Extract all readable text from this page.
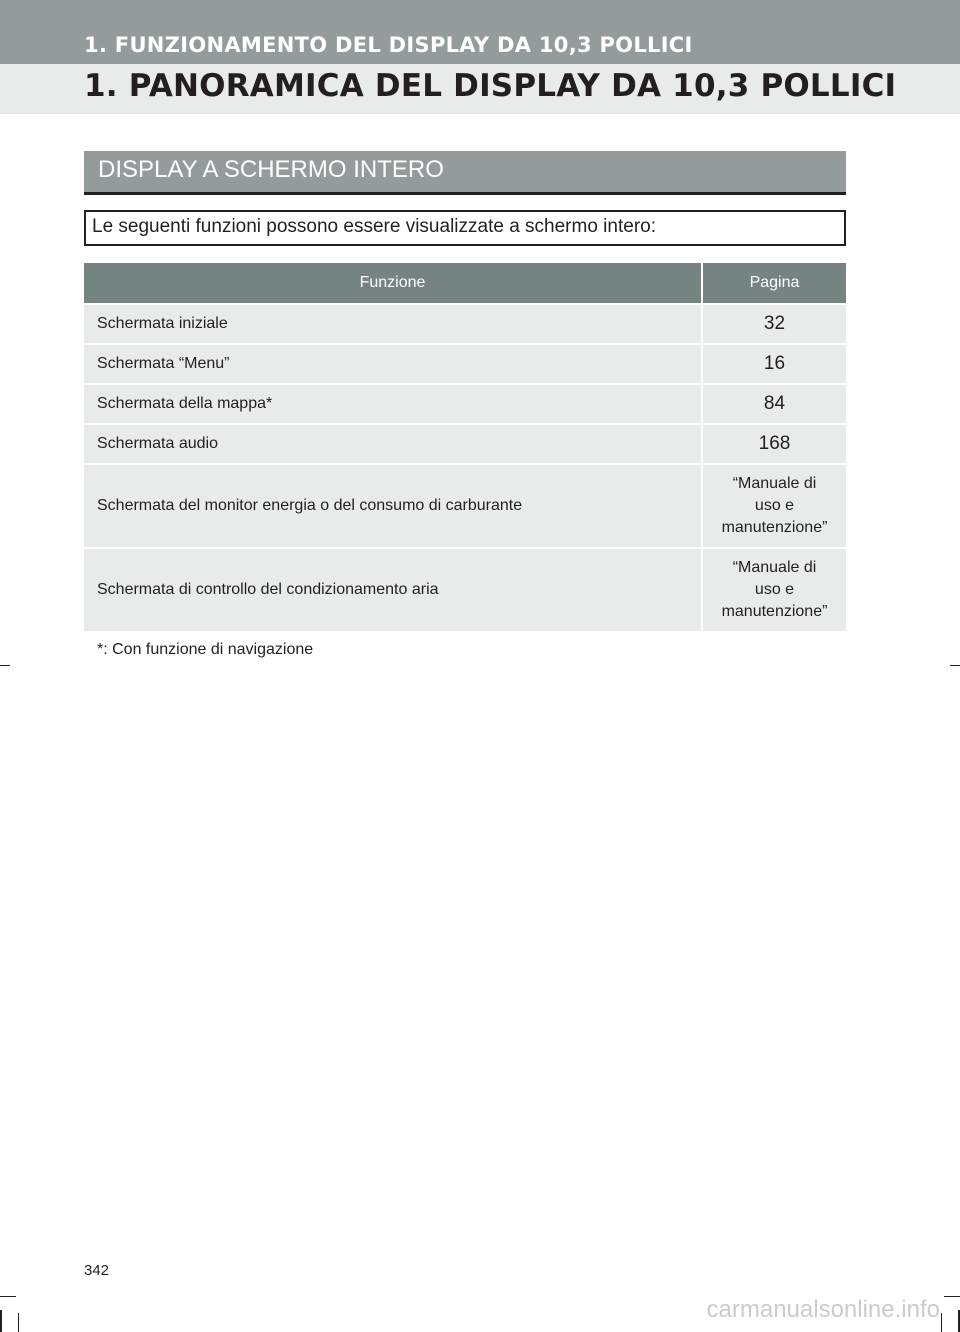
1. FUNZIONAMENTO DEL DISPLAY DA 10,3 POLLICI
1. PANORAMICA DEL DISPLAY DA 10,3 POLLICI
DISPLAY A SCHERMO INTERO
Le seguenti funzioni possono essere visualizzate a schermo intero:
Funzione	Pagina
Schermata iniziale	32
Schermata “Menu”	16
Schermata della mappa*	84
Schermata audio	168
Schermata del monitor energia o del consumo di carburante	“Manuale di
uso e
manutenzione”

Schermata di controllo del condizionamento aria	“Manuale di
uso e
manutenzione”
*: Con funzione di navigazione
342
carmanualsonline.info
